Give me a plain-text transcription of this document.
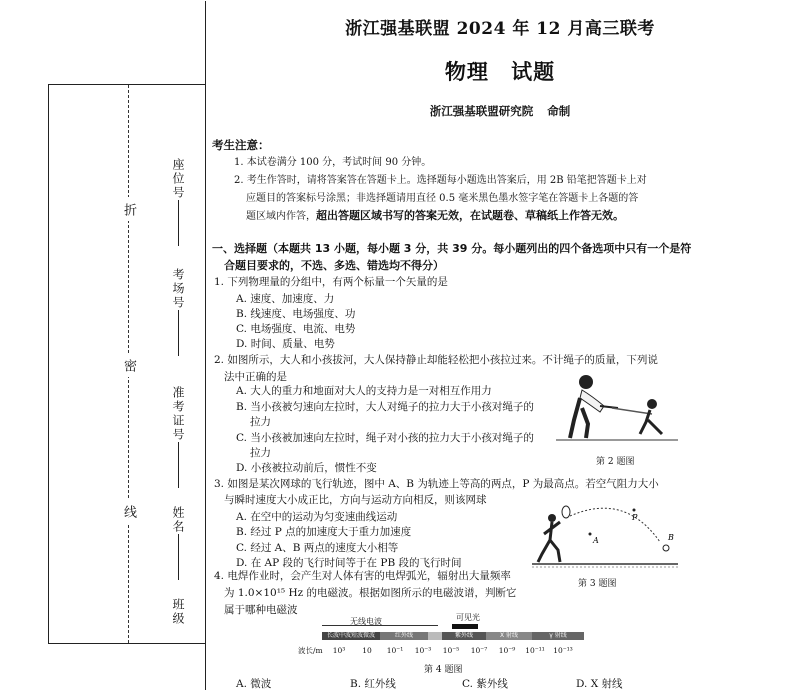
折
密
线
座位号
考场号
准考证号
姓名
班级
浙江强基联盟 2024 年 12 月高三联考
物理 试题
浙江强基联盟研究院 命制
考生注意：
1. 本试卷满分 100 分，考试时间 90 分钟。
2. 考生作答时，请将答案答在答题卡上。选择题每小题选出答案后，用 2B 铅笔把答题卡上对
应题目的答案标号涂黑；非选择题请用直径 0.5 毫米黑色墨水签字笔在答题卡上各题的答
题区域内作答，超出答题区域书写的答案无效，在试题卷、草稿纸上作答无效。
一、选择题（本题共 13 小题，每小题 3 分，共 39 分。每小题列出的四个备选项中只有一个是符
合题目要求的，不选、多选、错选均不得分）
1. 下列物理量的分组中，有两个标量一个矢量的是
A. 速度、加速度、力
B. 线速度、电场强度、功
C. 电场强度、电流、电势
D. 时间、质量、电势
2. 如图所示，大人和小孩拔河，大人保持静止却能轻松把小孩拉过来。不计绳子的质量，下列说
法中正确的是
A. 大人的重力和地面对大人的支持力是一对相互作用力
B. 当小孩被匀速向左拉时，大人对绳子的拉力大于小孩对绳子的
拉力
C. 当小孩被加速向左拉时，绳子对小孩的拉力大于小孩对绳子的
拉力
D. 小孩被拉动前后，惯性不变	第 2 题图
3. 如图是某次网球的飞行轨迹，图中 A、B 为轨迹上等高的两点，P 为最高点。若空气阻力大小
与瞬时速度大小成正比，方向与运动方向相反，则该网球
A. 在空中的运动为匀变速曲线运动
B. 经过 P 点的加速度大于重力加速度
C. 经过 A、B 两点的速度大小相等
D. 在 AP 段的飞行时间等于在 PB 段的飞行时间
A
P
B
第 3 题图
4. 电焊作业时，会产生对人体有害的电焊弧光，辐射出大量频率
为 1.0×10¹⁵ Hz 的电磁波。根据如图所示的电磁波谱，判断它
属于哪种电磁波
无线电波	可见光
长波中波短波微波	红外线	紫外线	X 射线	γ 射线
波长/m 10³ 10 10⁻¹ 10⁻³ 10⁻⁵ 10⁻⁷ 10⁻⁹ 10⁻¹¹ 10⁻¹³
第 4 题图
A. 微波	B. 红外线	C. 紫外线	D. X 射线
